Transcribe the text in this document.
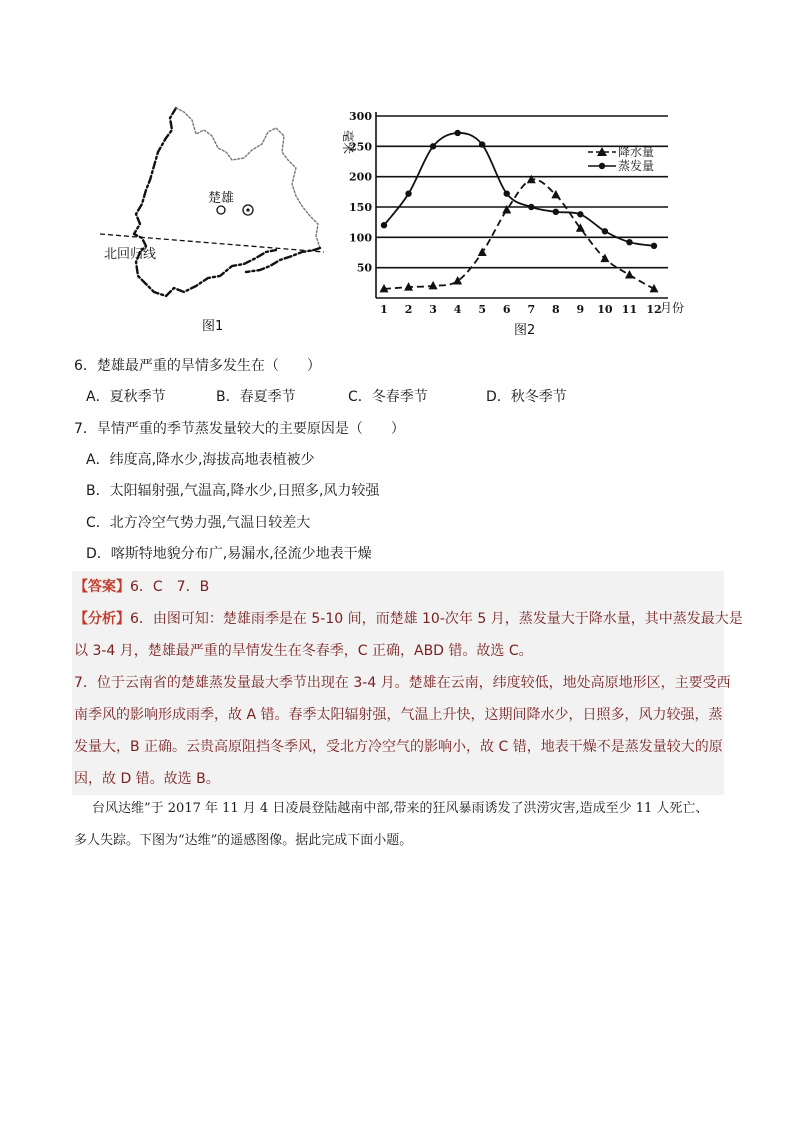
楚雄
北回归线
图1
50
100
150
200
250
300
1 2 3 4 5 6 7 8 9 10 11 12
毫米
月份
图2
降水量
蒸发量
6．楚雄最严重的旱情多发生在（　　）
A．夏秋季节	B．春夏季节	C．冬春季节	D．秋冬季节
7．旱情严重的季节蒸发量较大的主要原因是（　　）
A．纬度高,降水少,海拔高地表植被少
B．太阳辐射强,气温高,降水少,日照多,风力较强
C．北方冷空气势力强,气温日较差大
D．喀斯特地貌分布广,易漏水,径流少地表干燥
【答案】6．C　7．B
【分析】6．由图可知：楚雄雨季是在 5-10 间，而楚雄 10-次年 5 月，蒸发量大于降水量，其中蒸发最大是
以 3-4 月，楚雄最严重的旱情发生在冬春季，C 正确，ABD 错。故选 C。
7．位于云南省的楚雄蒸发量最大季节出现在 3-4 月。楚雄在云南，纬度较低，地处高原地形区，主要受西
南季风的影响形成雨季，故 A 错。春季太阳辐射强，气温上升快，这期间降水少，日照多，风力较强，蒸
发量大，B 正确。云贵高原阻挡冬季风，受北方冷空气的影响小，故 C 错，地表干燥不是蒸发量较大的原
因，故 D 错。故选 B。
台风达维”于 2017 年 11 月 4 日凌晨登陆越南中部,带来的狂风暴雨诱发了洪涝灾害,造成至少 11 人死亡、
多人失踪。下图为“达维”的遥感图像。据此完成下面小题。
